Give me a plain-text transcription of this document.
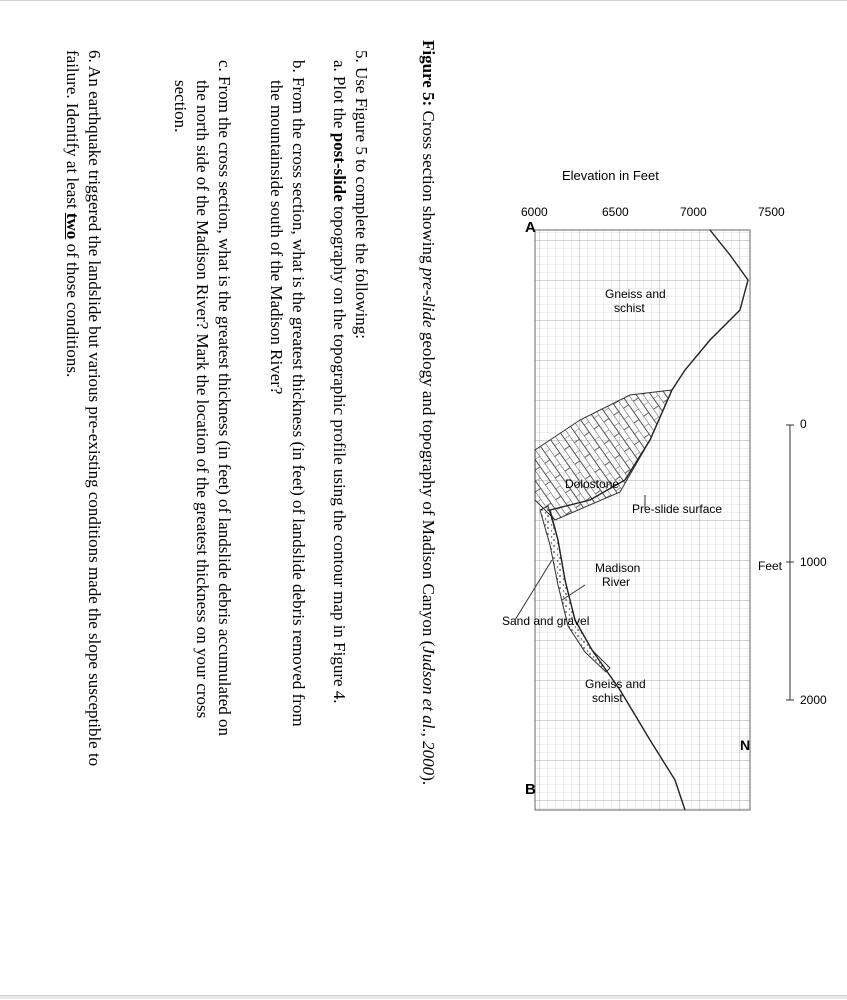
Elevation in Feet
6000	6500	7000	7500
A
B
0
1000
2000
Feet
N
Gneiss and
schist
Pre-slide surface
Dolostone
Madison
River
Sand and gravel
Gneiss and
schist
Figure 5: Cross section showing pre-slide geology and topography of Madison Canyon (Judson et al., 2000).
5. Use Figure 5 to complete the following:
a. Plot the post-slide topography on the topographic profile using the contour map in Figure 4.
b. From the cross section, what is the greatest thickness (in feet) of landslide debris removed from
the mountainside south of the Madison River?
c. From the cross section, what is the greatest thickness (in feet) of landslide debris accumulated on
the north side of the Madison River? Mark the location of the greatest thickness on your cross
section.
6. An earthquake triggered the landslide but various pre-existing conditions made the slope susceptible to
failure. Identify at least two of those conditions.
